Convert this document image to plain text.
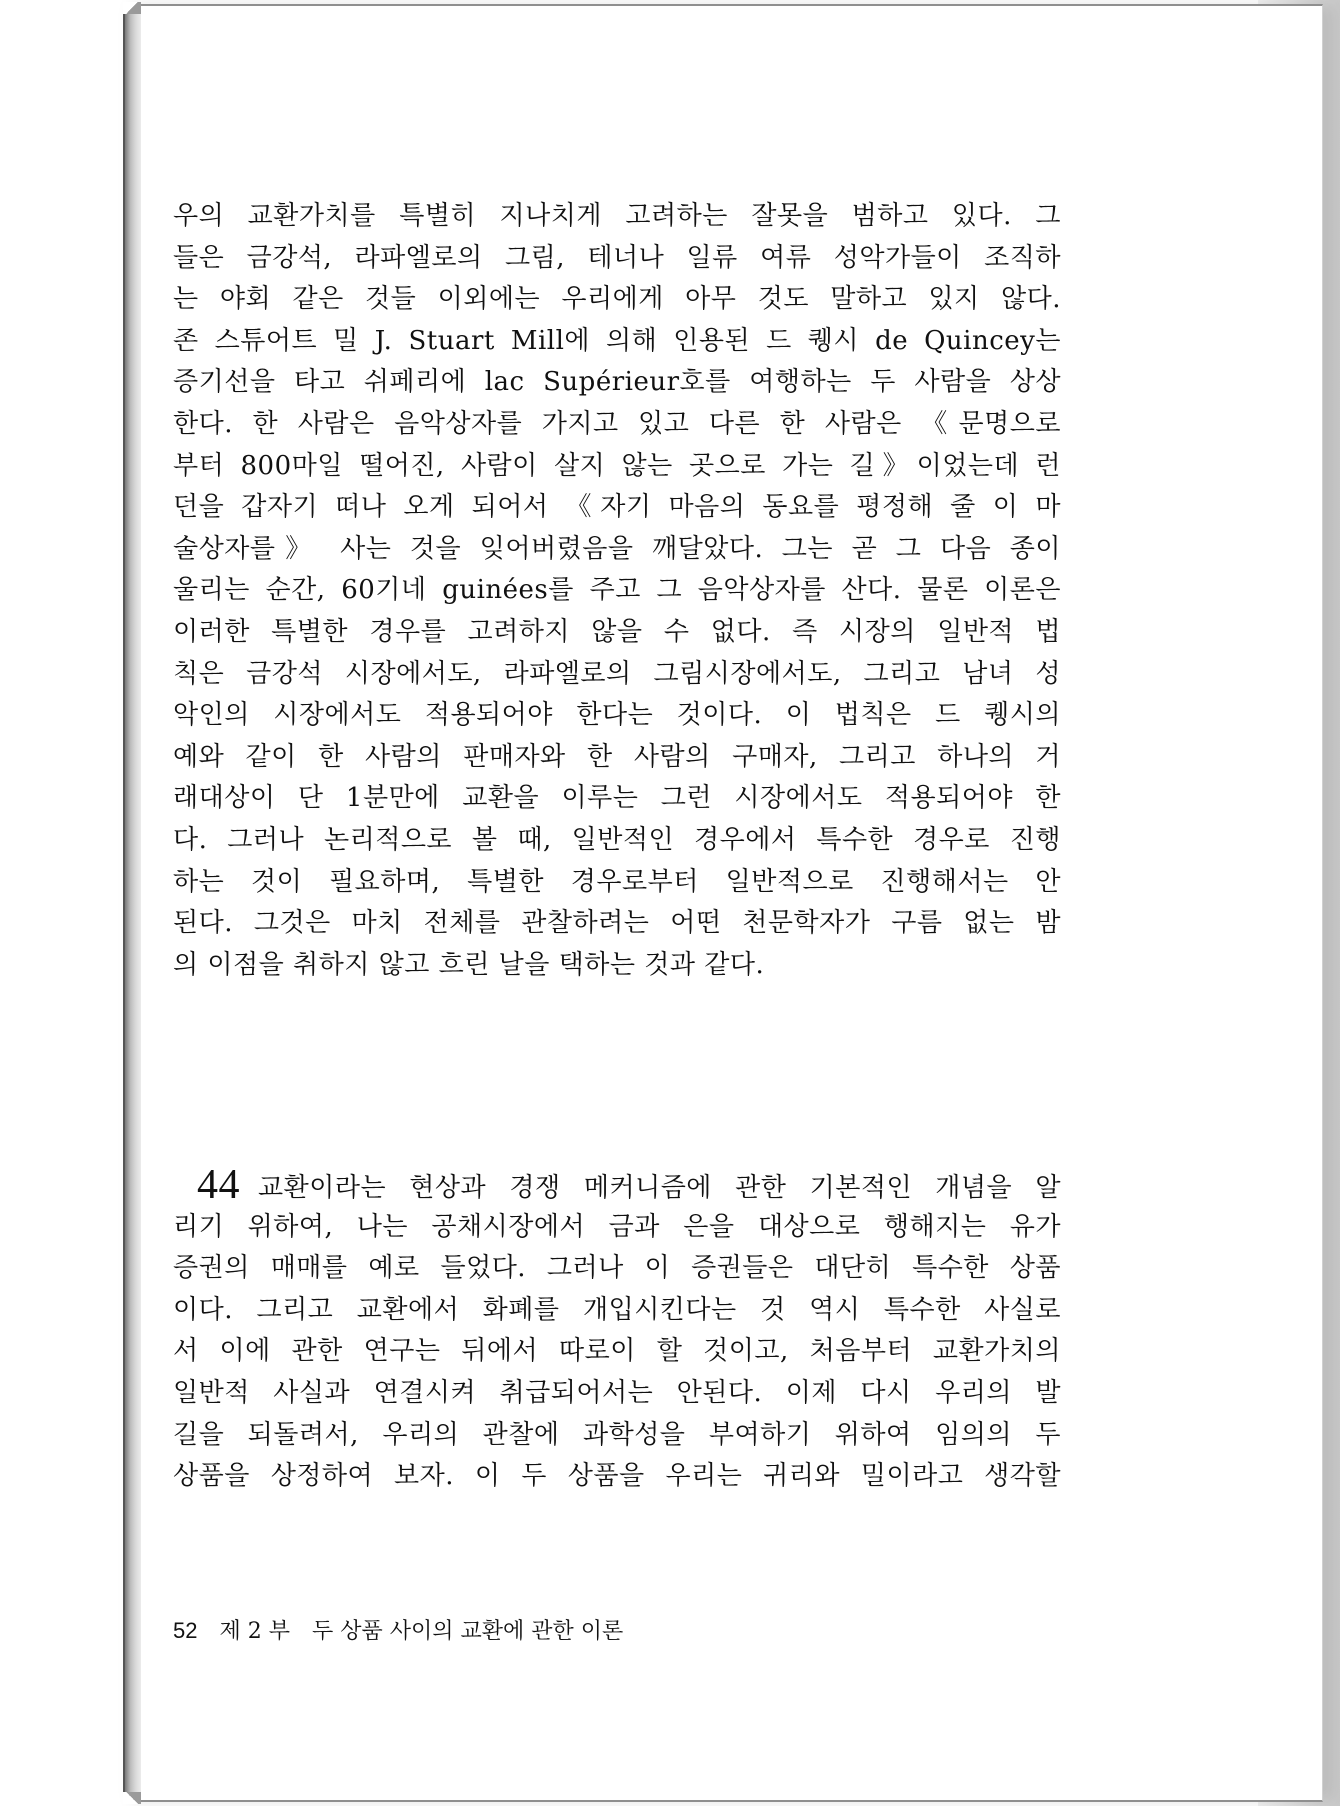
우의 교환가치를 특별히 지나치게 고려하는 잘못을 범하고 있다. 그
들은 금강석, 라파엘로의 그림, 테너나 일류 여류 성악가들이 조직하
는 야회 같은 것들 이외에는 우리에게 아무 것도 말하고 있지 않다.
존 스튜어트 밀 J. Stuart Mill에 의해 인용된 드 퀭시 de Quincey는
증기선을 타고 쉬페리에 lac Supérieur호를 여행하는 두 사람을 상상
한다. 한 사람은 음악상자를 가지고 있고 다른 한 사람은 《문명으로
부터 800마일 떨어진, 사람이 살지 않는 곳으로 가는 길》이었는데 런
던을 갑자기 떠나 오게 되어서 《자기 마음의 동요를 평정해 줄 이 마
술상자를》 사는 것을 잊어버렸음을 깨달았다. 그는 곧 그 다음 종이
울리는 순간, 60기네 guinées를 주고 그 음악상자를 산다. 물론 이론은
이러한 특별한 경우를 고려하지 않을 수 없다. 즉 시장의 일반적 법
칙은 금강석 시장에서도, 라파엘로의 그림시장에서도, 그리고 남녀 성
악인의 시장에서도 적용되어야 한다는 것이다. 이 법칙은 드 퀭시의
예와 같이 한 사람의 판매자와 한 사람의 구매자, 그리고 하나의 거
래대상이 단 1분만에 교환을 이루는 그런 시장에서도 적용되어야 한
다. 그러나 논리적으로 볼 때, 일반적인 경우에서 특수한 경우로 진행
하는 것이 필요하며, 특별한 경우로부터 일반적으로 진행해서는 안
된다. 그것은 마치 전체를 관찰하려는 어떤 천문학자가 구름 없는 밤
의 이점을 취하지 않고 흐린 날을 택하는 것과 같다.
44 교환이라는 현상과 경쟁 메커니즘에 관한 기본적인 개념을 알
리기 위하여, 나는 공채시장에서 금과 은을 대상으로 행해지는 유가
증권의 매매를 예로 들었다. 그러나 이 증권들은 대단히 특수한 상품
이다. 그리고 교환에서 화폐를 개입시킨다는 것 역시 특수한 사실로
서 이에 관한 연구는 뒤에서 따로이 할 것이고, 처음부터 교환가치의
일반적 사실과 연결시켜 취급되어서는 안된다. 이제 다시 우리의 발
길을 되돌려서, 우리의 관찰에 과학성을 부여하기 위하여 임의의 두
상품을 상정하여 보자. 이 두 상품을 우리는 귀리와 밀이라고 생각할
52 제 2 부 두 상품 사이의 교환에 관한 이론
